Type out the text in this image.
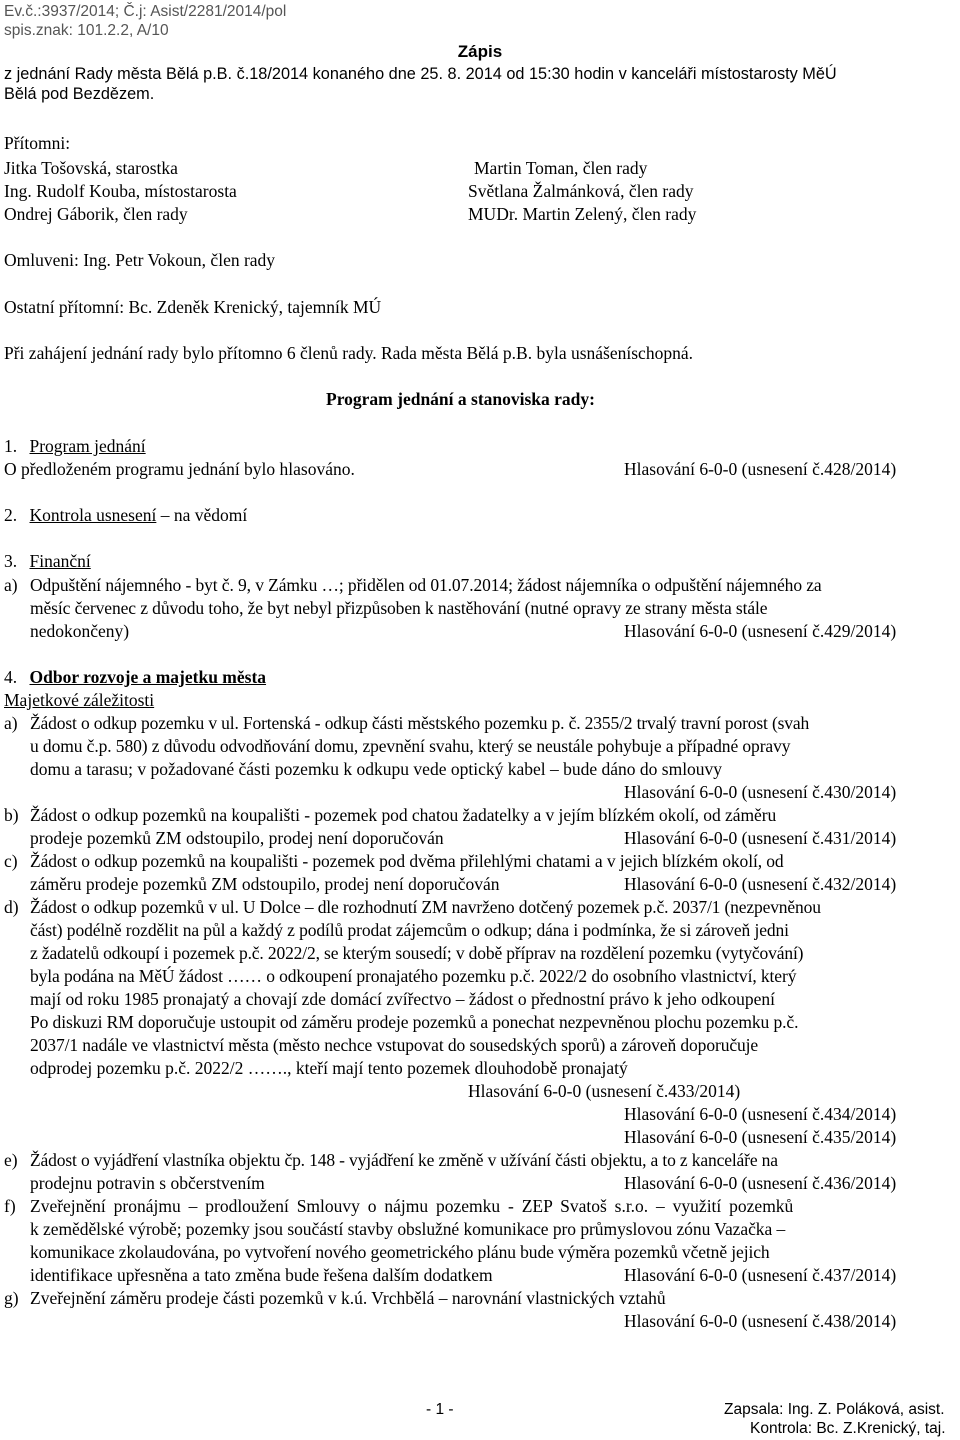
Ev.č.:3937/2014; Č.j: Asist/2281/2014/pol
spis.znak: 101.2.2, A/10
Zápis
z jednání Rady města Bělá p.B. č.18/2014 konaného dne 25. 8. 2014 od 15:30 hodin v kanceláři místostarosty MěÚ
Bělá pod Bezdězem.
Přítomni:
Jitka Tošovská, starostka
Ing. Rudolf Kouba, místostarosta
Ondrej Gáborik, člen rady
Martin Toman, člen rady
Světlana Žalmánková, člen rady
MUDr. Martin Zelený, člen rady
Omluveni: Ing. Petr Vokoun, člen rady
Ostatní přítomní: Bc. Zdeněk Krenický, tajemník MÚ
Při zahájení jednání rady bylo přítomno 6 členů rady. Rada města Bělá p.B. byla usnášeníschopná.
Program jednání a stanoviska rady:
1. Program jednání
O předloženém programu jednání bylo hlasováno.	Hlasování 6-0-0 (usnesení č.428/2014)
2. Kontrola usnesení – na vědomí
3. Finanční
a) Odpuštění nájemného - byt č. 9, v Zámku …; přidělen od 01.07.2014; žádost nájemníka o odpuštění nájemného za
měsíc červenec z důvodu toho, že byt nebyl přizpůsoben k nastěhování (nutné opravy ze strany města stále
nedokončeny)	Hlasování 6-0-0 (usnesení č.429/2014)
4. Odbor rozvoje a majetku města
Majetkové záležitosti
a) Žádost o odkup pozemku v ul. Fortenská - odkup části městského pozemku p. č. 2355/2 trvalý travní porost (svah
u domu č.p. 580) z důvodu odvodňování domu, zpevnění svahu, který se neustále pohybuje a případné opravy
domu a tarasu; v požadované části pozemku k odkupu vede optický kabel – bude dáno do smlouvy
Hlasování 6-0-0 (usnesení č.430/2014)
b) Žádost o odkup pozemků na koupališti - pozemek pod chatou žadatelky a v jejím blízkém okolí, od záměru
prodeje pozemků ZM odstoupilo, prodej není doporučován	Hlasování 6-0-0 (usnesení č.431/2014)
c) Žádost o odkup pozemků na koupališti - pozemek pod dvěma přilehlými chatami a v jejich blízkém okolí, od
záměru prodeje pozemků ZM odstoupilo, prodej není doporučován	Hlasování 6-0-0 (usnesení č.432/2014)
d) Žádost o odkup pozemků v ul. U Dolce – dle rozhodnutí ZM navrženo dotčený pozemek p.č. 2037/1 (nezpevněnou
část) podélně rozdělit na půl a každý z podílů prodat zájemcům o odkup; dána i podmínka, že si zároveň jedni
z žadatelů odkoupí i pozemek p.č. 2022/2, se kterým sousedí; v době příprav na rozdělení pozemku (vytyčování)
byla podána na MěÚ žádost …… o odkoupení pronajatého pozemku p.č. 2022/2 do osobního vlastnictví, který
mají od roku 1985 pronajatý a chovají zde domácí zvířectvo – žádost o přednostní právo k jeho odkoupení
Po diskuzi RM doporučuje ustoupit od záměru prodeje pozemků a ponechat nezpevněnou plochu pozemku p.č.
2037/1 nadále ve vlastnictví města (město nechce vstupovat do sousedských sporů) a zároveň doporučuje
odprodej pozemku p.č. 2022/2 ……., kteří mají tento pozemek dlouhodobě pronajatý
Hlasování 6-0-0 (usnesení č.433/2014)
Hlasování 6-0-0 (usnesení č.434/2014)
Hlasování 6-0-0 (usnesení č.435/2014)
e) Žádost o vyjádření vlastníka objektu čp. 148 - vyjádření ke změně v užívání části objektu, a to z kanceláře na
prodejnu potravin s občerstvením	Hlasování 6-0-0 (usnesení č.436/2014)
f) Zveřejnění pronájmu – prodloužení Smlouvy o nájmu pozemku - ZEP Svatoš s.r.o. – využití pozemků
k zemědělské výrobě; pozemky jsou součástí stavby obslužné komunikace pro průmyslovou zónu Vazačka –
komunikace zkolaudována, po vytvoření nového geometrického plánu bude výměra pozemků včetně jejich
identifikace upřesněna a tato změna bude řešena dalším dodatkem	Hlasování 6-0-0 (usnesení č.437/2014)
g) Zveřejnění záměru prodeje části pozemků v k.ú. Vrchbělá – narovnání vlastnických vztahů
Hlasování 6-0-0 (usnesení č.438/2014)
- 1 -	Zapsala: Ing. Z. Poláková, asist.
Kontrola: Bc. Z.Krenický, taj.
